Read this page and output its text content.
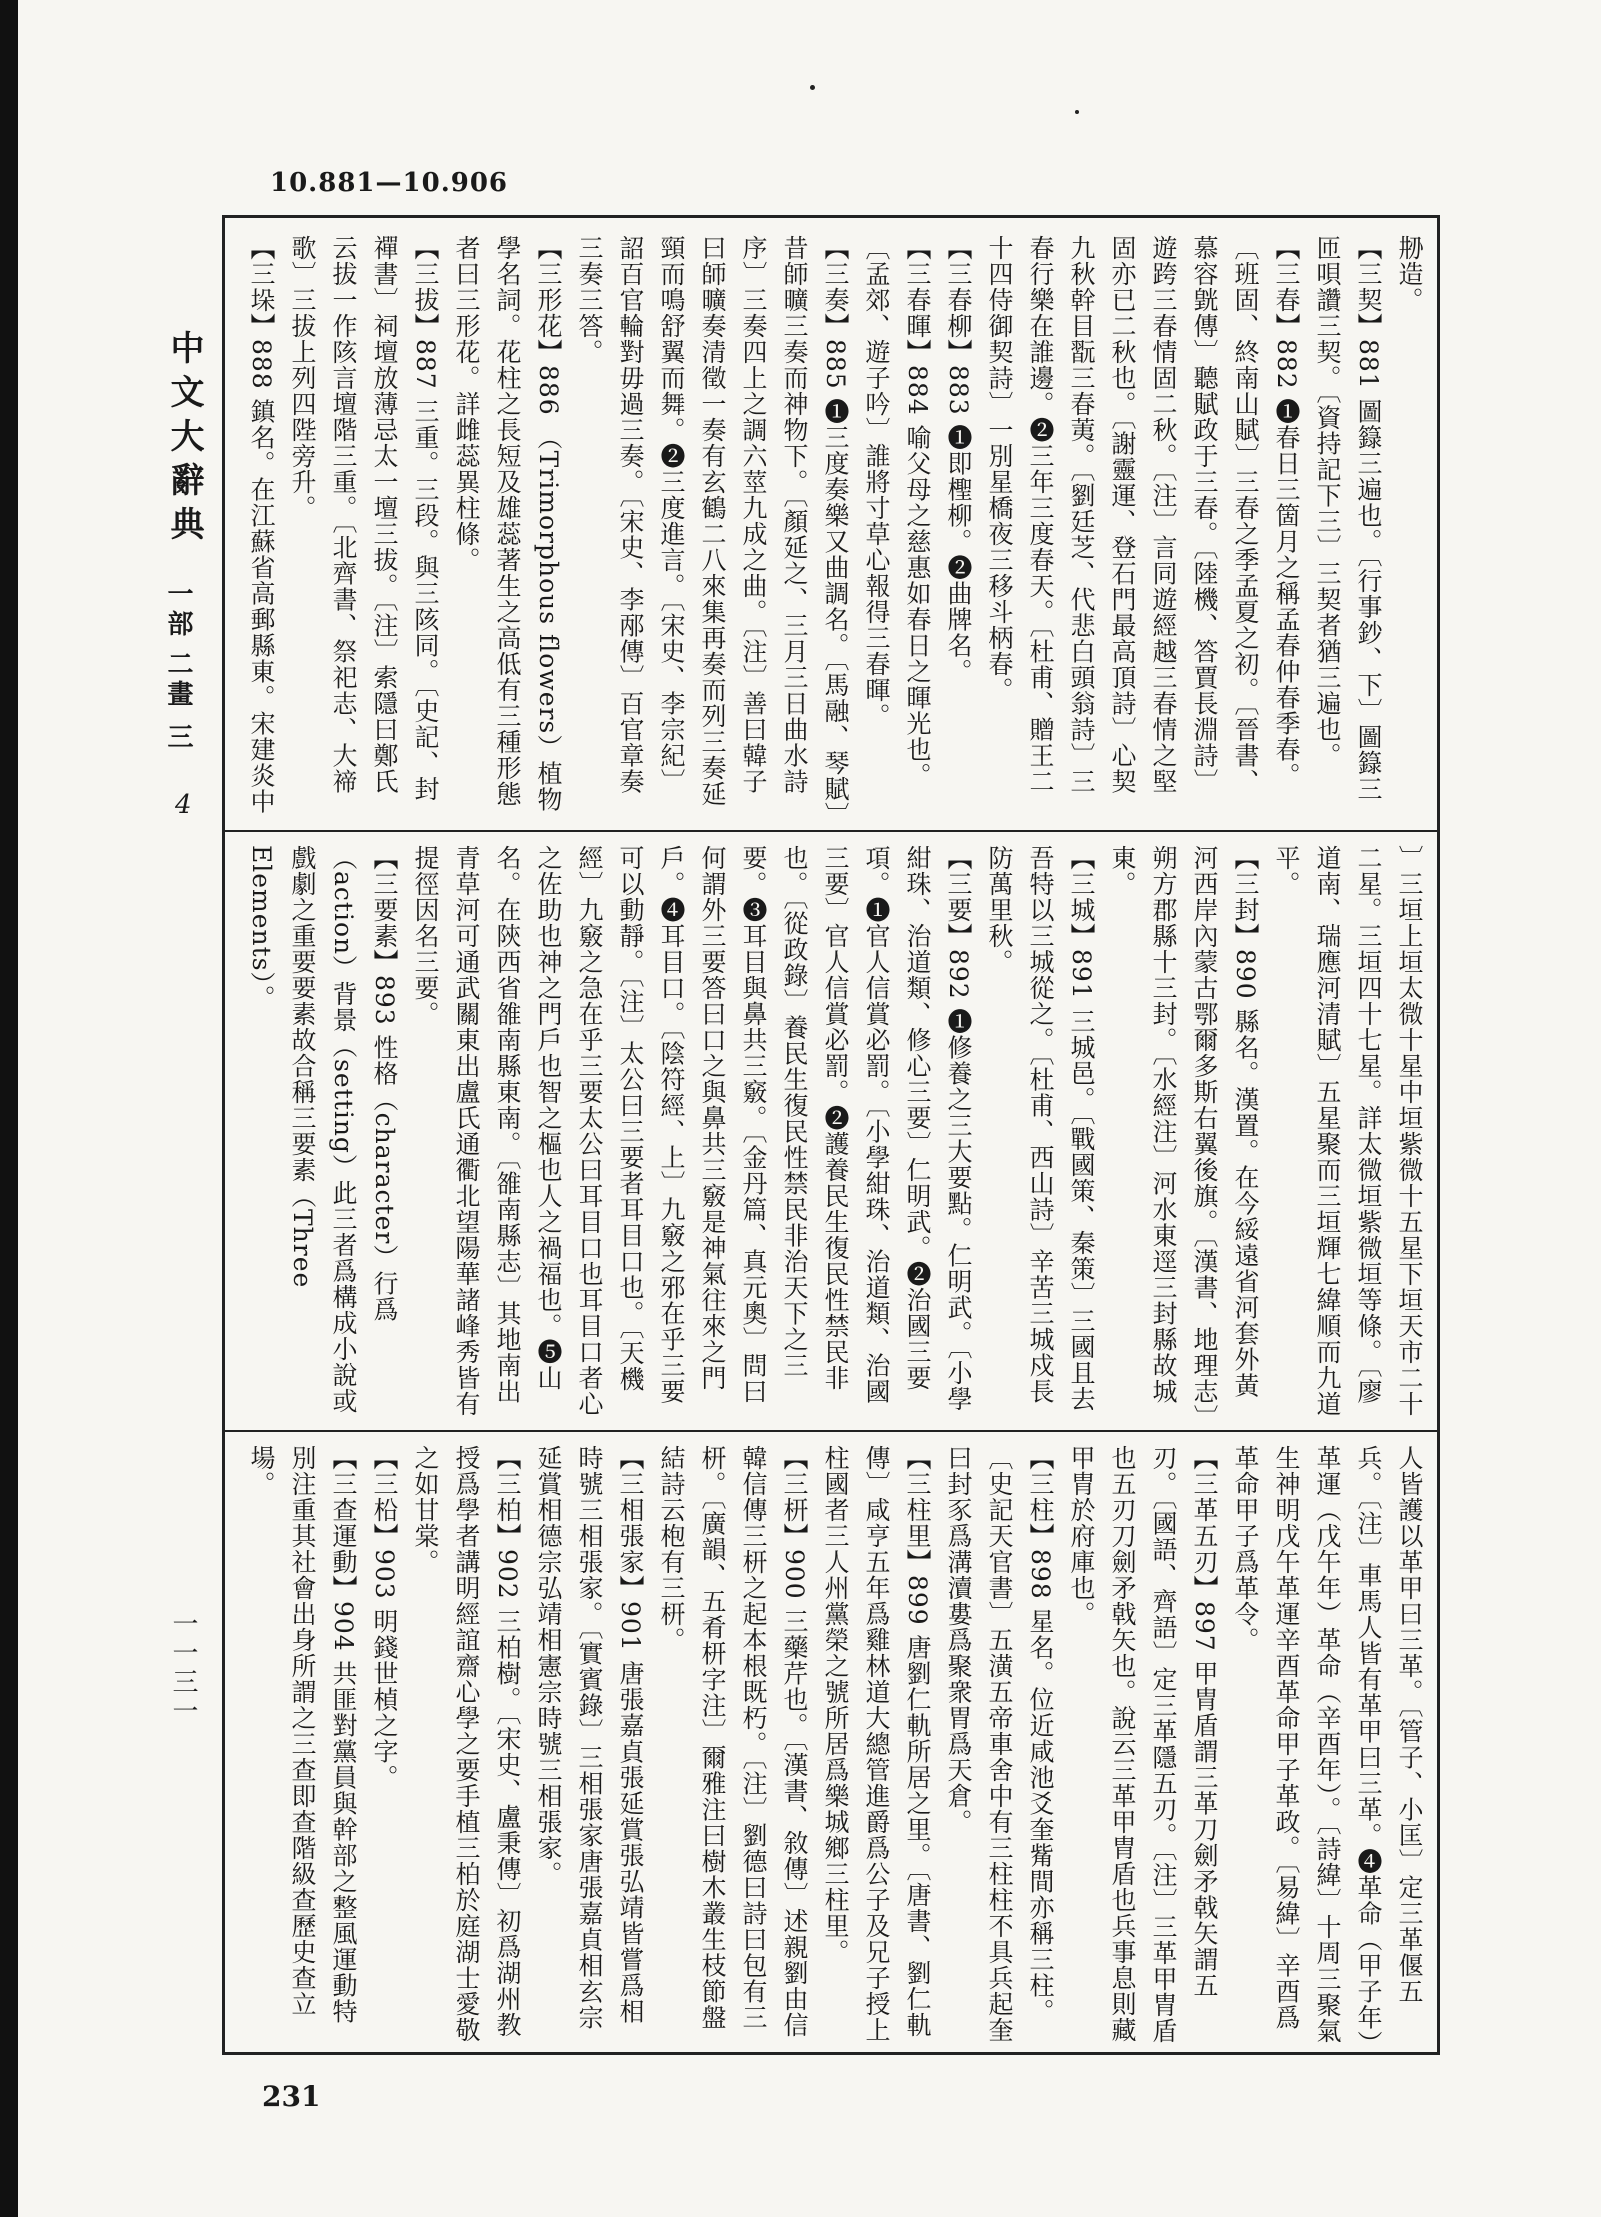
10.881—10.906
中文大辭典
一部
二畫 三
4
一一三一
刱造。
【三契】881 圖籙三遍也。〔行事鈔、下〕圖籙三匝唄讚三契。〔資持記下三〕三契者猶三遍也。
【三春】882 ❶春日三箇月之稱孟春仲春季春。〔班固、終南山賦〕三春之季孟夏之初。〔晉書、慕容皝傳〕聽賦政于三春。〔陸機、答賈長淵詩〕遊跨三春情固二秋。〔注〕言同遊經越三春情之堅固亦已二秋也。〔謝靈運、登石門最高頂詩〕心契九秋幹目翫三春荑。〔劉廷芝、代悲白頭翁詩〕三春行樂在誰邊。❷三年三度春天。〔杜甫、贈王二十四侍御契詩〕一別星橋夜三移斗柄春。
【三春柳】883 ❶即檉柳。❷曲牌名。
【三春暉】884 喻父母之慈惠如春日之暉光也。〔孟郊、遊子吟〕誰將寸草心報得三春暉。
【三奏】885 ❶三度奏樂又曲調名。〔馬融、琴賦〕昔師曠三奏而神物下。〔顏延之、三月三日曲水詩序〕三奏四上之調六莖九成之曲。〔注〕善曰韓子曰師曠奏清徵一奏有玄鶴二八來集再奏而列三奏延頸而鳴舒翼而舞。❷三度進言。〔宋史、李宗紀〕詔百官輪對毋過三奏。〔宋史、李邴傳〕百官章奏三奏三答。
【三形花】886 （Trimorphous flowers）植物學名詞。花柱之長短及雄蕊著生之高低有三種形態者曰三形花。詳雌蕊異柱條。
【三拔】887 三重。三段。與三陔同。〔史記、封禪書〕祠壇放薄忌太一壇三拔。〔注〕索隱曰鄭氏云拔一作陔言壇階三重。〔北齊書、祭祀志、大禘歌〕三拔上列四陛旁升。
【三垛】888 鎮名。在江蘇省高郵縣東。宋建炎中

〕三垣上垣太微十星中垣紫微十五星下垣天市二十二星。三垣四十七星。詳太微垣紫微垣等條。〔廖道南、瑞應河清賦〕五星聚而三垣輝七緯順而九道平。
【三封】890 縣名。漢置。在今綏遠省河套外黃河西岸內蒙古鄂爾多斯右翼後旗。〔漢書、地理志〕朔方郡縣十三封。〔水經注〕河水東逕三封縣故城東。
【三城】891 三城邑。〔戰國策、秦策〕三國且去吾特以三城從之。〔杜甫、西山詩〕辛苦三城戍長防萬里秋。
【三要】892 ❶修養之三大要點。仁明武。〔小學紺珠、治道類、修心三要〕仁明武。❷治國三要項。❶官人信賞必罰。〔小學紺珠、治道類、治國三要〕官人信賞必罰。❷護養民生復民性禁民非也。〔從政錄〕養民生復民性禁民非治天下之三要。❸耳目與鼻共三竅。〔金丹篇、真元奧〕問曰何謂外三要答曰口之與鼻共三竅是神氣往來之門戶。❹耳目口。〔陰符經、上〕九竅之邪在乎三要可以動靜。〔注〕太公曰三要者耳目口也。〔天機經〕九竅之急在乎三要太公曰耳目口也耳目口者心之佐助也神之門戶也智之樞也人之禍福也。❺山名。在陝西省雒南縣東南。〔雒南縣志〕其地南出青草河可通武關東出盧氏通衢北望陽華諸峰秀皆有提徑因名三要。
【三要素】893 性格（character）行爲（action）背景（setting）此三者爲構成小說或戲劇之重要要素故合稱三要素（Three Elements）。

人皆護以革甲曰三革。〔管子、小匡〕定三革偃五兵。〔注〕車馬人皆有革甲曰三革。❹革命（甲子年）革運（戊午年）革命（辛酉年）。〔詩緯〕十周三聚氣生神明戊午革運辛酉革命甲子革政。〔易緯〕辛酉爲革命甲子爲革令。
【三革五刃】897 甲胄盾謂三革刀劍矛戟矢謂五刃。〔國語、齊語〕定三革隱五刃。〔注〕三革甲胄盾也五刃刀劍矛戟矢也。說云三革甲胄盾也兵事息則藏甲胄於府庫也。
【三柱】898 星名。位近咸池爻奎觜間亦稱三柱。〔史記天官書〕五潢五帝車舍中有三柱柱不具兵起奎曰封豕爲溝瀆婁爲聚衆胃爲天倉。
【三柱里】899 唐劉仁軌所居之里。〔唐書、劉仁軌傳〕咸亨五年爲雞林道大總管進爵爲公子及兄子授上柱國者三人州黨榮之號所居爲樂城鄉三柱里。
【三枅】900 三藥芹也。〔漢書、敘傳〕述親劉由信韓信傳三枅之起本根既朽。〔注〕劉德曰詩曰包有三枅。〔廣韻、五肴枅字注〕爾雅注曰樹木叢生枝節盤結詩云枹有三枅。
【三相張家】901 唐張嘉貞張延賞張弘靖皆嘗爲相時號三相張家。〔實賓錄〕三相張家唐張嘉貞相玄宗延賞相德宗弘靖相憲宗時號三相張家。
【三柏】902 三柏樹。〔宋史、盧秉傳〕初爲湖州教授爲學者講明經誼齋心學之要手植三柏於庭湖士愛敬之如甘棠。
【三柗】903 明錢世楨之字。
【三查運動】904 共匪對黨員與幹部之整風運動特別注重其社會出身所謂之三查即查階級查歷史查立場。

231
